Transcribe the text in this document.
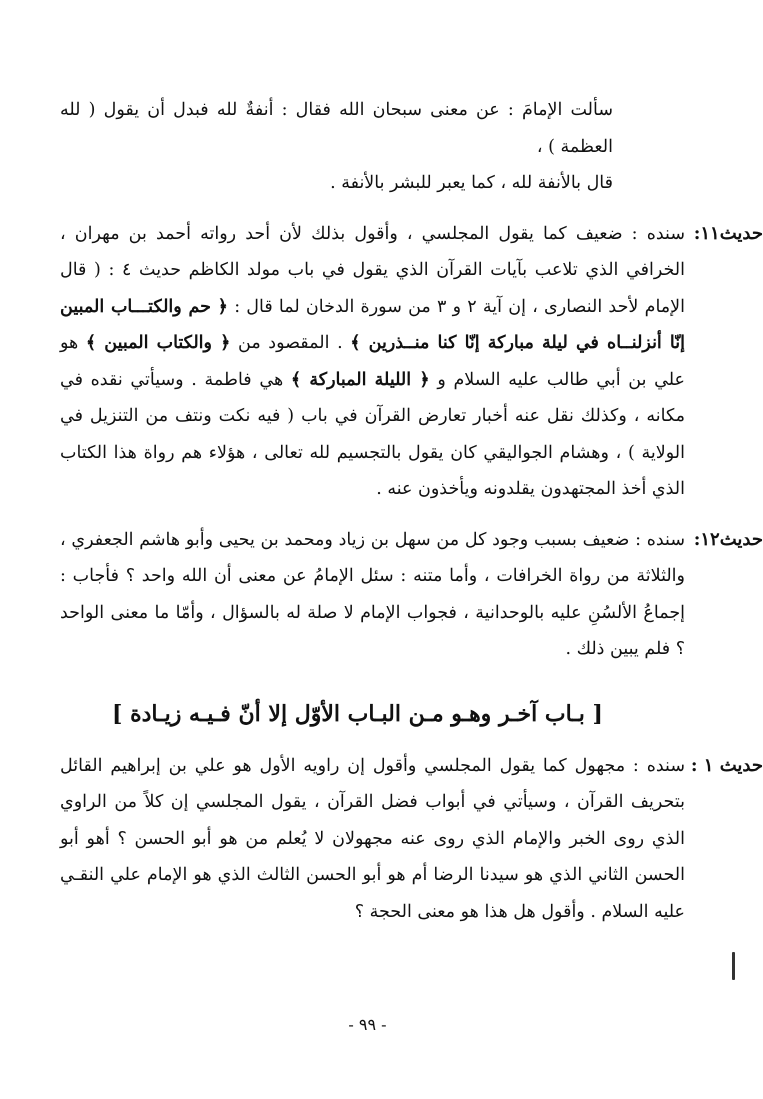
سألت الإمامَ : عن معنى سبحان الله فقال : أنفةٌ لله فبدل أن يقول ( لله العظمة ) ،

قال بالأنفة لله ، كما يعبر للبشر بالأنفة .

حديث١١:

سنده : ضعيف كما يقول المجلسي ، وأقول بذلك لأن أحد رواته أحمد بن مهران ، الخرافي الذي تلاعب بآيات القرآن الذي يقول في باب مولد الكاظم حديث ٤ : ( قال الإمام لأحد النصارى ، إن آية ٢ و ٣ من سورة الدخان لما قال : ﴿ حم والكتـــاب المبين إنّا أنزلنــاه في ليلة مباركة إنّا كنا منــذرين ﴾ . المقصود من ﴿ والكتاب المبين ﴾ هو علي بن أبي طالب عليه السلام و ﴿ الليلة المباركة ﴾ هي فاطمة . وسيأتي نقده في مكانه ، وكذلك نقل عنه أخبار تعارض القرآن في باب ( فيه نكت ونتف من التنزيل في الولاية ) ، وهشام الجواليقي كان يقول بالتجسيم لله تعالى ، هؤلاء هم رواة هذا الكتاب الذي أخذ المجتهدون يقلدونه ويأخذون عنه .

حديث١٢:

سنده : ضعيف بسبب وجود كل من سهل بن زياد ومحمد بن يحيى وأبو هاشم الجعفري ، والثلاثة من رواة الخرافات ، وأما متنه : سئل الإمامُ عن معنى أن الله واحد ؟ فأجاب : إجماعُ الألسُنِ عليه بالوحدانية ، فجواب الإمام لا صلة له بالسؤال ، وأمّا ما معنى الواحد ؟ فلم يبين ذلك .

[ بـاب آخـر وهـو مـن البـاب الأوّل إلا أنّ فـيـه زيـادة ]
حديث ١ :

سنده : مجهول كما يقول المجلسي وأقول إن راويه الأول هو علي بن إبراهيم القائل بتحريف القرآن ، وسيأتي في أبواب فضل القرآن ، يقول المجلسي إن كلاً من الراوي الذي روى الخبر والإمام الذي روى عنه مجهولان لا يُعلم من هو أبو الحسن ؟ أهو أبو الحسن الثاني الذي هو سيدنا الرضا أم هو أبو الحسن الثالث الذي هو الإمام علي النقـي عليه السلام . وأقول هل هذا هو معنى الحجة ؟

- ٩٩ -
